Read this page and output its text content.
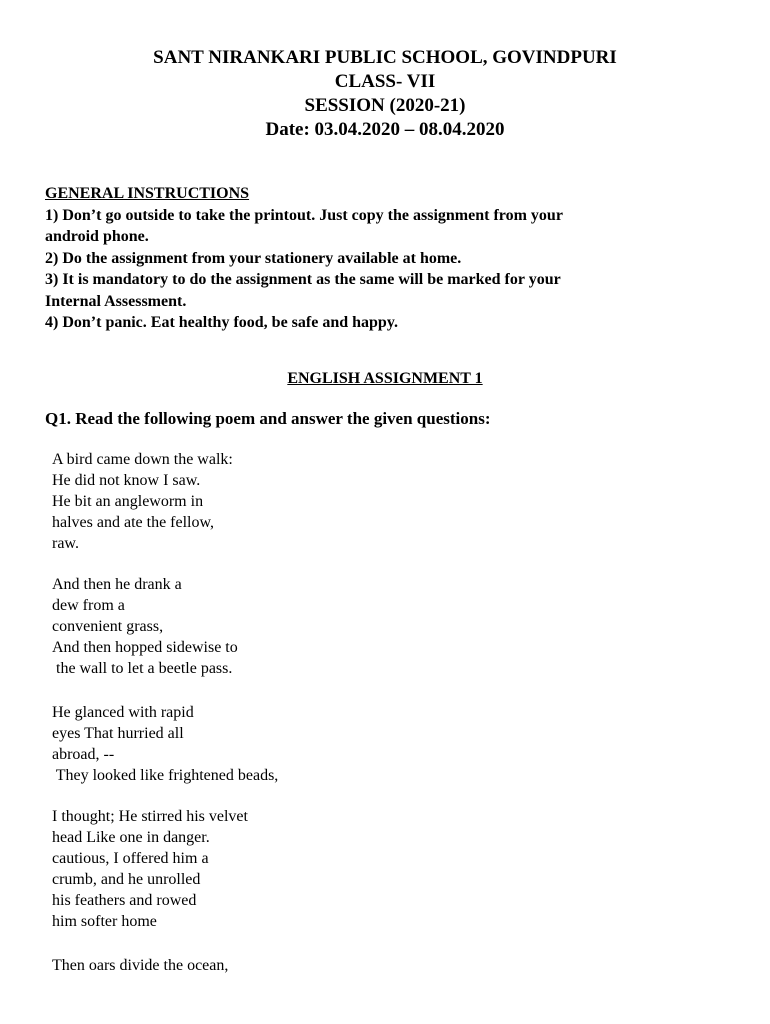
SANT NIRANKARI PUBLIC SCHOOL, GOVINDPURI
CLASS- VII
SESSION (2020-21)
Date: 03.04.2020 – 08.04.2020
GENERAL INSTRUCTIONS
1) Don’t go outside to take the printout. Just copy the assignment from your
android phone.
2) Do the assignment from your stationery available at home.
3) It is mandatory to do the assignment as the same will be marked for your
Internal Assessment.
4) Don’t panic. Eat healthy food, be safe and happy.
ENGLISH ASSIGNMENT 1
Q1. Read the following poem and answer the given questions:
A bird came down the walk:
He did not know I saw.
He bit an angleworm in
halves and ate the fellow,
raw.
And then he drank a
dew from a
convenient grass,
And then hopped sidewise to
the wall to let a beetle pass.
He glanced with rapid
eyes That hurried all
abroad, --
They looked like frightened beads,
I thought; He stirred his velvet
head Like one in danger.
cautious, I offered him a
crumb, and he unrolled
his feathers and rowed
him softer home
Then oars divide the ocean,
